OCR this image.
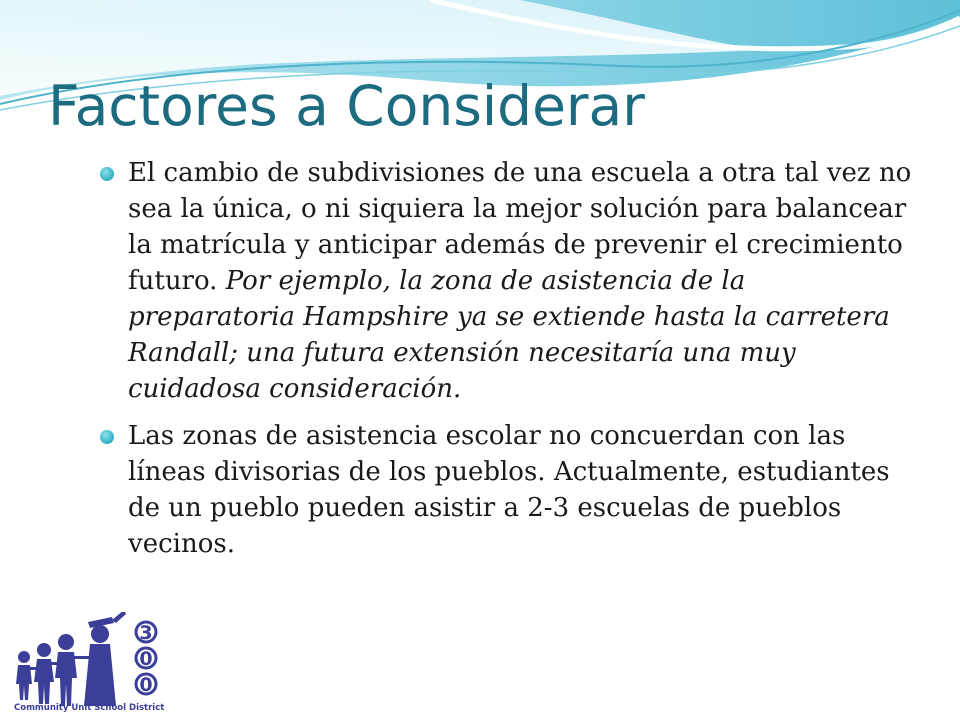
Factores a Considerar
El cambio de subdivisiones de una escuela a otra tal vez no sea la única, o ni siquiera la mejor solución para balancear la matrícula y anticipar además de prevenir el crecimiento futuro. Por ejemplo, la zona de asistencia de la preparatoria Hampshire ya se extiende hasta la carretera Randall; una futura extensión necesitaría una muy cuidadosa consideración.
Las zonas de asistencia escolar no concuerdan con las líneas divisorias de los pueblos. Actualmente, estudiantes de un pueblo pueden asistir a 2-3 escuelas de pueblos vecinos.
3
0
0
Community Unit School District
